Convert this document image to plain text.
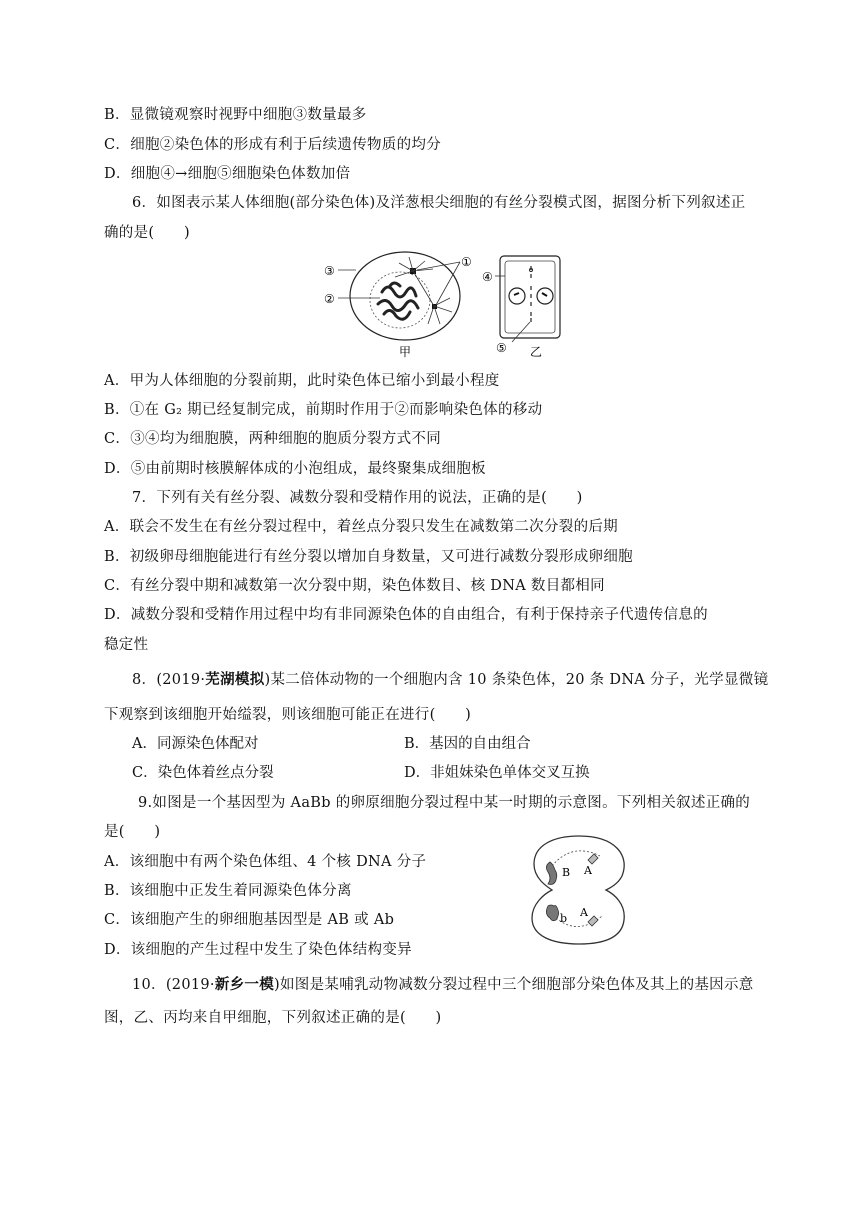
B．显微镜观察时视野中细胞③数量最多
C．细胞②染色体的形成有利于后续遗传物质的均分
D．细胞④→细胞⑤细胞染色体数加倍
6．如图表示某人体细胞(部分染色体)及洋葱根尖细胞的有丝分裂模式图，据图分析下列叙述正
确的是(　　)
③
②
①
甲
④
⑤ 乙
A．甲为人体细胞的分裂前期，此时染色体已缩小到最小程度
B．①在 G₂ 期已经复制完成，前期时作用于②而影响染色体的移动
C．③④均为细胞膜，两种细胞的胞质分裂方式不同
D．⑤由前期时核膜解体成的小泡组成，最终聚集成细胞板
7．下列有关有丝分裂、减数分裂和受精作用的说法，正确的是(　　)
A．联会不发生在有丝分裂过程中，着丝点分裂只发生在减数第二次分裂的后期
B．初级卵母细胞能进行有丝分裂以增加自身数量，又可进行减数分裂形成卵细胞
C．有丝分裂中期和减数第一次分裂中期，染色体数目、核 DNA 数目都相同
D．减数分裂和受精作用过程中均有非同源染色体的自由组合，有利于保持亲子代遗传信息的
稳定性
8．(2019·芜湖模拟)某二倍体动物的一个细胞内含 10 条染色体，20 条 DNA 分子，光学显微镜
下观察到该细胞开始缢裂，则该细胞可能正在进行(　　)
A．同源染色体配对	B．基因的自由组合
C．染色体着丝点分裂	D．非姐妹染色单体交叉互换
9.如图是一个基因型为 AaBb 的卵原细胞分裂过程中某一时期的示意图。下列相关叙述正确的
是(　　)
A．该细胞中有两个染色体组、4 个核 DNA 分子
B．该细胞中正发生着同源染色体分离
C．该细胞产生的卵细胞基因型是 AB 或 Ab
D．该细胞的产生过程中发生了染色体结构变异
B A
b A
10．(2019·新乡一模)如图是某哺乳动物减数分裂过程中三个细胞部分染色体及其上的基因示意
图，乙、丙均来自甲细胞，下列叙述正确的是(　　)
